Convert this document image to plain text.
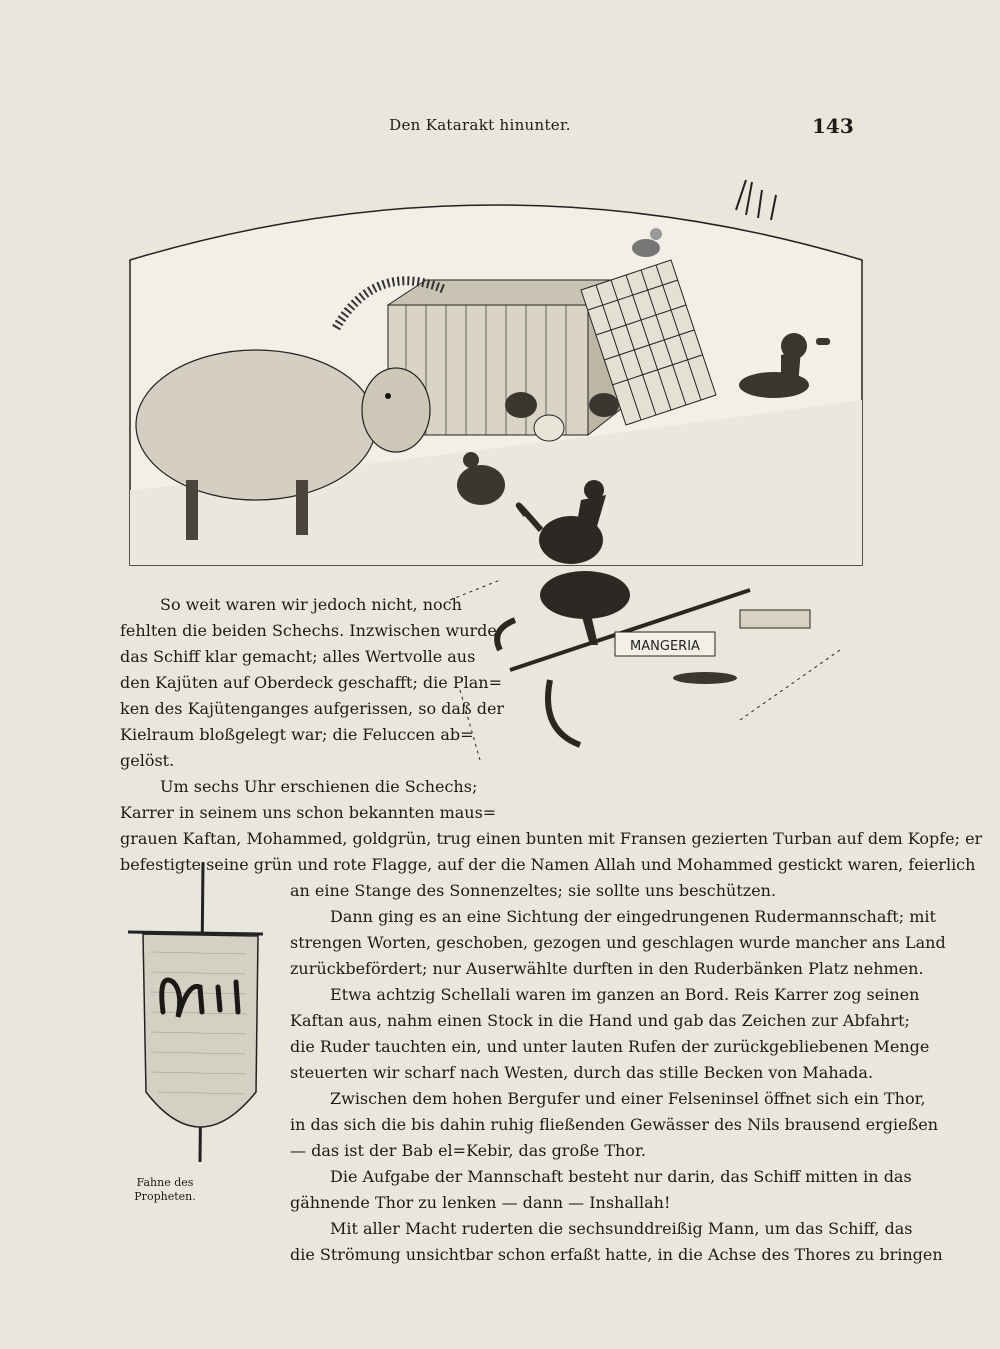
Den Katarakt hinunter.	143
MANGERIA
Fahne des
Propheten.
So weit waren wir jedoch nicht, noch
fehlten die beiden Schechs. Inzwischen wurde
das Schiff klar gemacht; alles Wertvolle aus
den Kajüten auf Oberdeck geschafft; die Plan=
ken des Kajütenganges aufgerissen, so daß der
Kielraum bloßgelegt war; die Feluccen ab=
gelöst.
Um sechs Uhr erschienen die Schechs;
Karrer in seinem uns schon bekannten maus=
grauen Kaftan, Mohammed, goldgrün, trug einen bunten mit Fransen gezierten Turban auf dem Kopfe; er
befestigte seine grün und rote Flagge, auf der die Namen Allah und Mohammed gestickt waren, feierlich
an eine Stange des Sonnenzeltes; sie sollte uns beschützen.
Dann ging es an eine Sichtung der eingedrungenen Rudermannschaft; mit
strengen Worten, geschoben, gezogen und geschlagen wurde mancher ans Land
zurückbefördert; nur Auserwählte durften in den Ruderbänken Platz nehmen.
Etwa achtzig Schellali waren im ganzen an Bord. Reis Karrer zog seinen
Kaftan aus, nahm einen Stock in die Hand und gab das Zeichen zur Abfahrt;
die Ruder tauchten ein, und unter lauten Rufen der zurückgebliebenen Menge
steuerten wir scharf nach Westen, durch das stille Becken von Mahada.
Zwischen dem hohen Bergufer und einer Felseninsel öffnet sich ein Thor,
in das sich die bis dahin ruhig fließenden Gewässer des Nils brausend ergießen
— das ist der Bab el=Kebir, das große Thor.
Die Aufgabe der Mannschaft besteht nur darin, das Schiff mitten in das
gähnende Thor zu lenken — dann — Inshallah!
Mit aller Macht ruderten die sechsunddreißig Mann, um das Schiff, das
die Strömung unsichtbar schon erfaßt hatte, in die Achse des Thores zu bringen
